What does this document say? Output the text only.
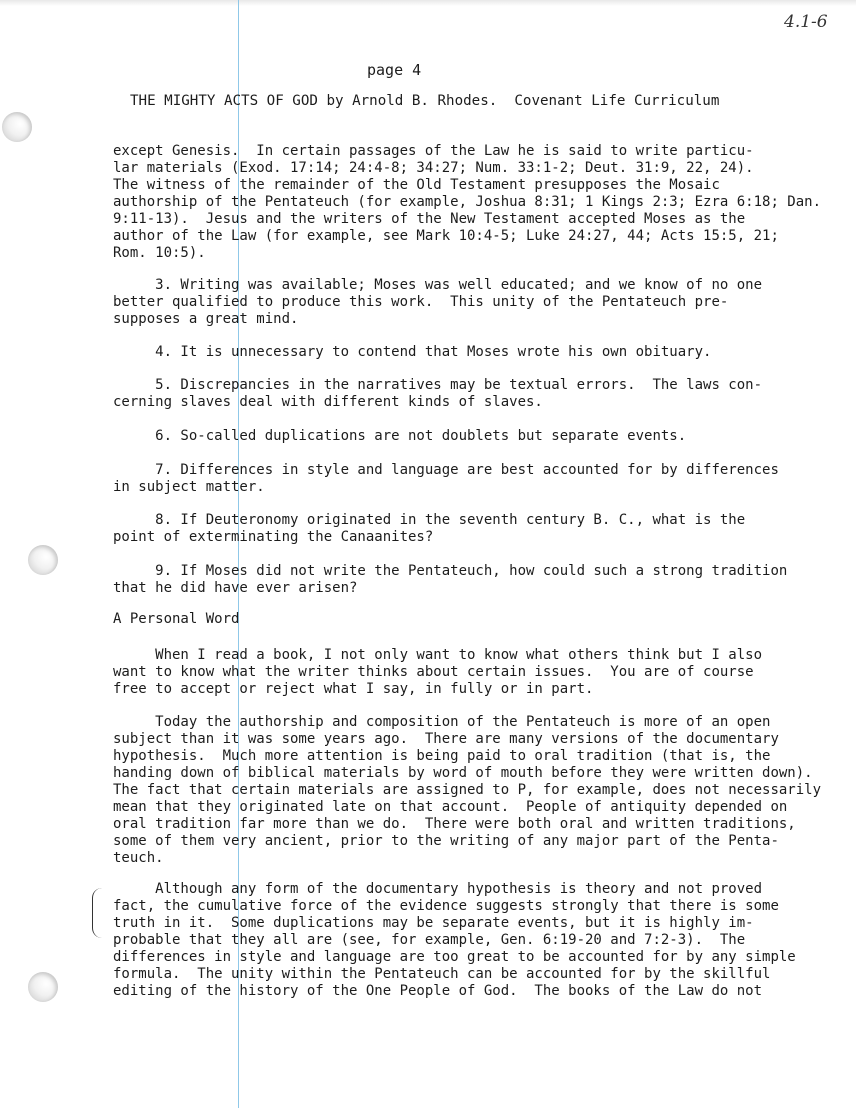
4.1-6
page 4
THE MIGHTY ACTS OF GOD by Arnold B. Rhodes.  Covenant Life Curriculum
except Genesis.  In certain passages of the Law he is said to write particu-
lar materials (Exod. 17:14; 24:4-8; 34:27; Num. 33:1-2; Deut. 31:9, 22, 24).
The witness of the remainder of the Old Testament presupposes the Mosaic
authorship of the Pentateuch (for example, Joshua 8:31; 1 Kings 2:3; Ezra 6:18; Dan.
9:11-13).  Jesus and the writers of the New Testament accepted Moses as the
author of the Law (for example, see Mark 10:4-5; Luke 24:27, 44; Acts 15:5, 21;
Rom. 10:5).
3. Writing was available; Moses was well educated; and we know of no one
better qualified to produce this work.  This unity of the Pentateuch pre-
supposes a great mind.
4. It is unnecessary to contend that Moses wrote his own obituary.
5. Discrepancies in the narratives may be textual errors.  The laws con-
cerning slaves deal with different kinds of slaves.
6. So-called duplications are not doublets but separate events.
7. Differences in style and language are best accounted for by differences
in subject matter.
8. If Deuteronomy originated in the seventh century B. C., what is the
point of exterminating the Canaanites?
9. If Moses did not write the Pentateuch, how could such a strong tradition
that he did have ever arisen?
A Personal Word
When I read a book, I not only want to know what others think but I also
want to know what the writer thinks about certain issues.  You are of course
free to accept or reject what I say, in fully or in part.
Today the authorship and composition of the Pentateuch is more of an open
subject than it was some years ago.  There are many versions of the documentary
hypothesis.  Much more attention is being paid to oral tradition (that is, the
handing down of biblical materials by word of mouth before they were written down).
The fact that certain materials are assigned to P, for example, does not necessarily
mean that they originated late on that account.  People of antiquity depended on
oral tradition far more than we do.  There were both oral and written traditions,
some of them very ancient, prior to the writing of any major part of the Penta-
teuch.
Although any form of the documentary hypothesis is theory and not proved
fact, the cumulative force of the evidence suggests strongly that there is some
truth in it.  Some duplications may be separate events, but it is highly im-
probable that they all are (see, for example, Gen. 6:19-20 and 7:2-3).  The
differences in style and language are too great to be accounted for by any simple
formula.  The unity within the Pentateuch can be accounted for by the skillful
editing of the history of the One People of God.  The books of the Law do not
